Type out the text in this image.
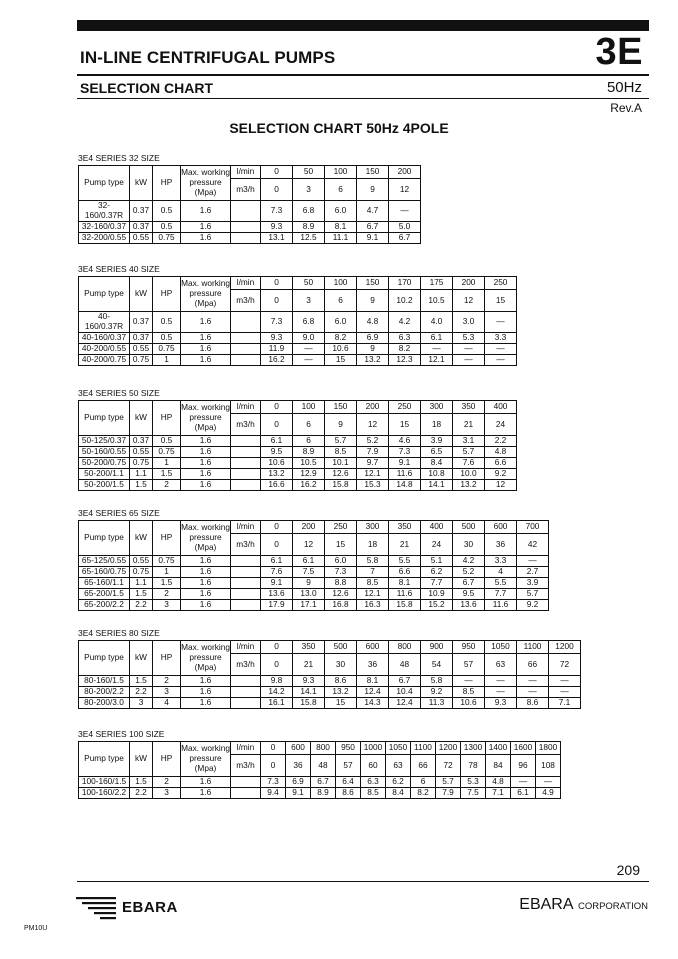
IN-LINE CENTRIFUGAL PUMPS	3E
SELECTION CHART	50Hz
Rev.A
SELECTION CHART 50Hz 4POLE
3E4 SERIES 32 SIZE
Pump type	kW	HP	Max. working pressure (Mpa)	l/min	0	50	100	150	200
				m3/h	0	3	6	9	12
32-160/0.37R	0.37	0.5	1.6		7.3	6.8	6.0	4.7	—
32-160/0.37	0.37	0.5	1.6		9.3	8.9	8.1	6.7	5.0
32-200/0.55	0.55	0.75	1.6		13.1	12.5	11.1	9.1	6.7
3E4 SERIES 40 SIZE
Pump type	kW	HP	Max. working pressure (Mpa)	l/min	0	50	100	150	170	175	200	250
				m3/h	0	3	6	9	10.2	10.5	12	15
40-160/0.37R	0.37	0.5	1.6		7.3	6.8	6.0	4.8	4.2	4.0	3.0	—
40-160/0.37	0.37	0.5	1.6		9.3	9.0	8.2	6.9	6.3	6.1	5.3	3.3
40-200/0.55	0.55	0.75	1.6		11.9	—	10.6	9	8.2	—	—	—
40-200/0.75	0.75	1	1.6		16.2	—	15	13.2	12.3	12.1	—	—
3E4 SERIES 50 SIZE
Pump type	kW	HP	Max. working pressure (Mpa)	l/min	0	100	150	200	250	300	350	400
				m3/h	0	6	9	12	15	18	21	24
50-125/0.37	0.37	0.5	1.6		6.1	6	5.7	5.2	4.6	3.9	3.1	2.2
50-160/0.55	0.55	0.75	1.6		9.5	8.9	8.5	7.9	7.3	6.5	5.7	4.8
50-200/0.75	0.75	1	1.6		10.6	10.5	10.1	9.7	9.1	8.4	7.6	6.6
50-200/1.1	1.1	1.5	1.6		13.2	12.9	12.6	12.1	11.6	10.8	10.0	9.2
50-200/1.5	1.5	2	1.6		16.6	16.2	15.8	15.3	14.8	14.1	13.2	12
3E4 SERIES 65 SIZE
Pump type	kW	HP	Max. working pressure (Mpa)	l/min	0	200	250	300	350	400	500	600	700
				m3/h	0	12	15	18	21	24	30	36	42
65-125/0.55	0.55	0.75	1.6		6.1	6.1	6.0	5.8	5.5	5.1	4.2	3.3	—
65-160/0.75	0.75	1	1.6		7.6	7.5	7.3	7	6.6	6.2	5.2	4	2.7
65-160/1.1	1.1	1.5	1.6		9.1	9	8.8	8.5	8.1	7.7	6.7	5.5	3.9
65-200/1.5	1.5	2	1.6		13.6	13.0	12.6	12.1	11.6	10.9	9.5	7.7	5.7
65-200/2.2	2.2	3	1.6		17.9	17.1	16.8	16.3	15.8	15.2	13.6	11.6	9.2
3E4 SERIES 80 SIZE
Pump type	kW	HP	Max. working pressure (Mpa)	l/min	0	350	500	600	800	900	950	1050	1100	1200
				m3/h	0	21	30	36	48	54	57	63	66	72
80-160/1.5	1.5	2	1.6		9.8	9.3	8.6	8.1	6.7	5.8	—	—	—	—
80-200/2.2	2.2	3	1.6		14.2	14.1	13.2	12.4	10.4	9.2	8.5	—	—	—
80-200/3.0	3	4	1.6		16.1	15.8	15	14.3	12.4	11.3	10.6	9.3	8.6	7.1
3E4 SERIES 100 SIZE
Pump type	kW	HP	Max. working pressure (Mpa)	l/min	0	600	800	950	1000	1050	1100	1200	1300	1400	1600	1800
				m3/h	0	36	48	57	60	63	66	72	78	84	96	108
100-160/1.5	1.5	2	1.6		7.3	6.9	6.7	6.4	6.3	6.2	6	5.7	5.3	4.8	—	—
100-160/2.2	2.2	3	1.6		9.4	9.1	8.9	8.6	8.5	8.4	8.2	7.9	7.5	7.1	6.1	4.9
209
EBARA	EBARA CORPORATION
PM10U
